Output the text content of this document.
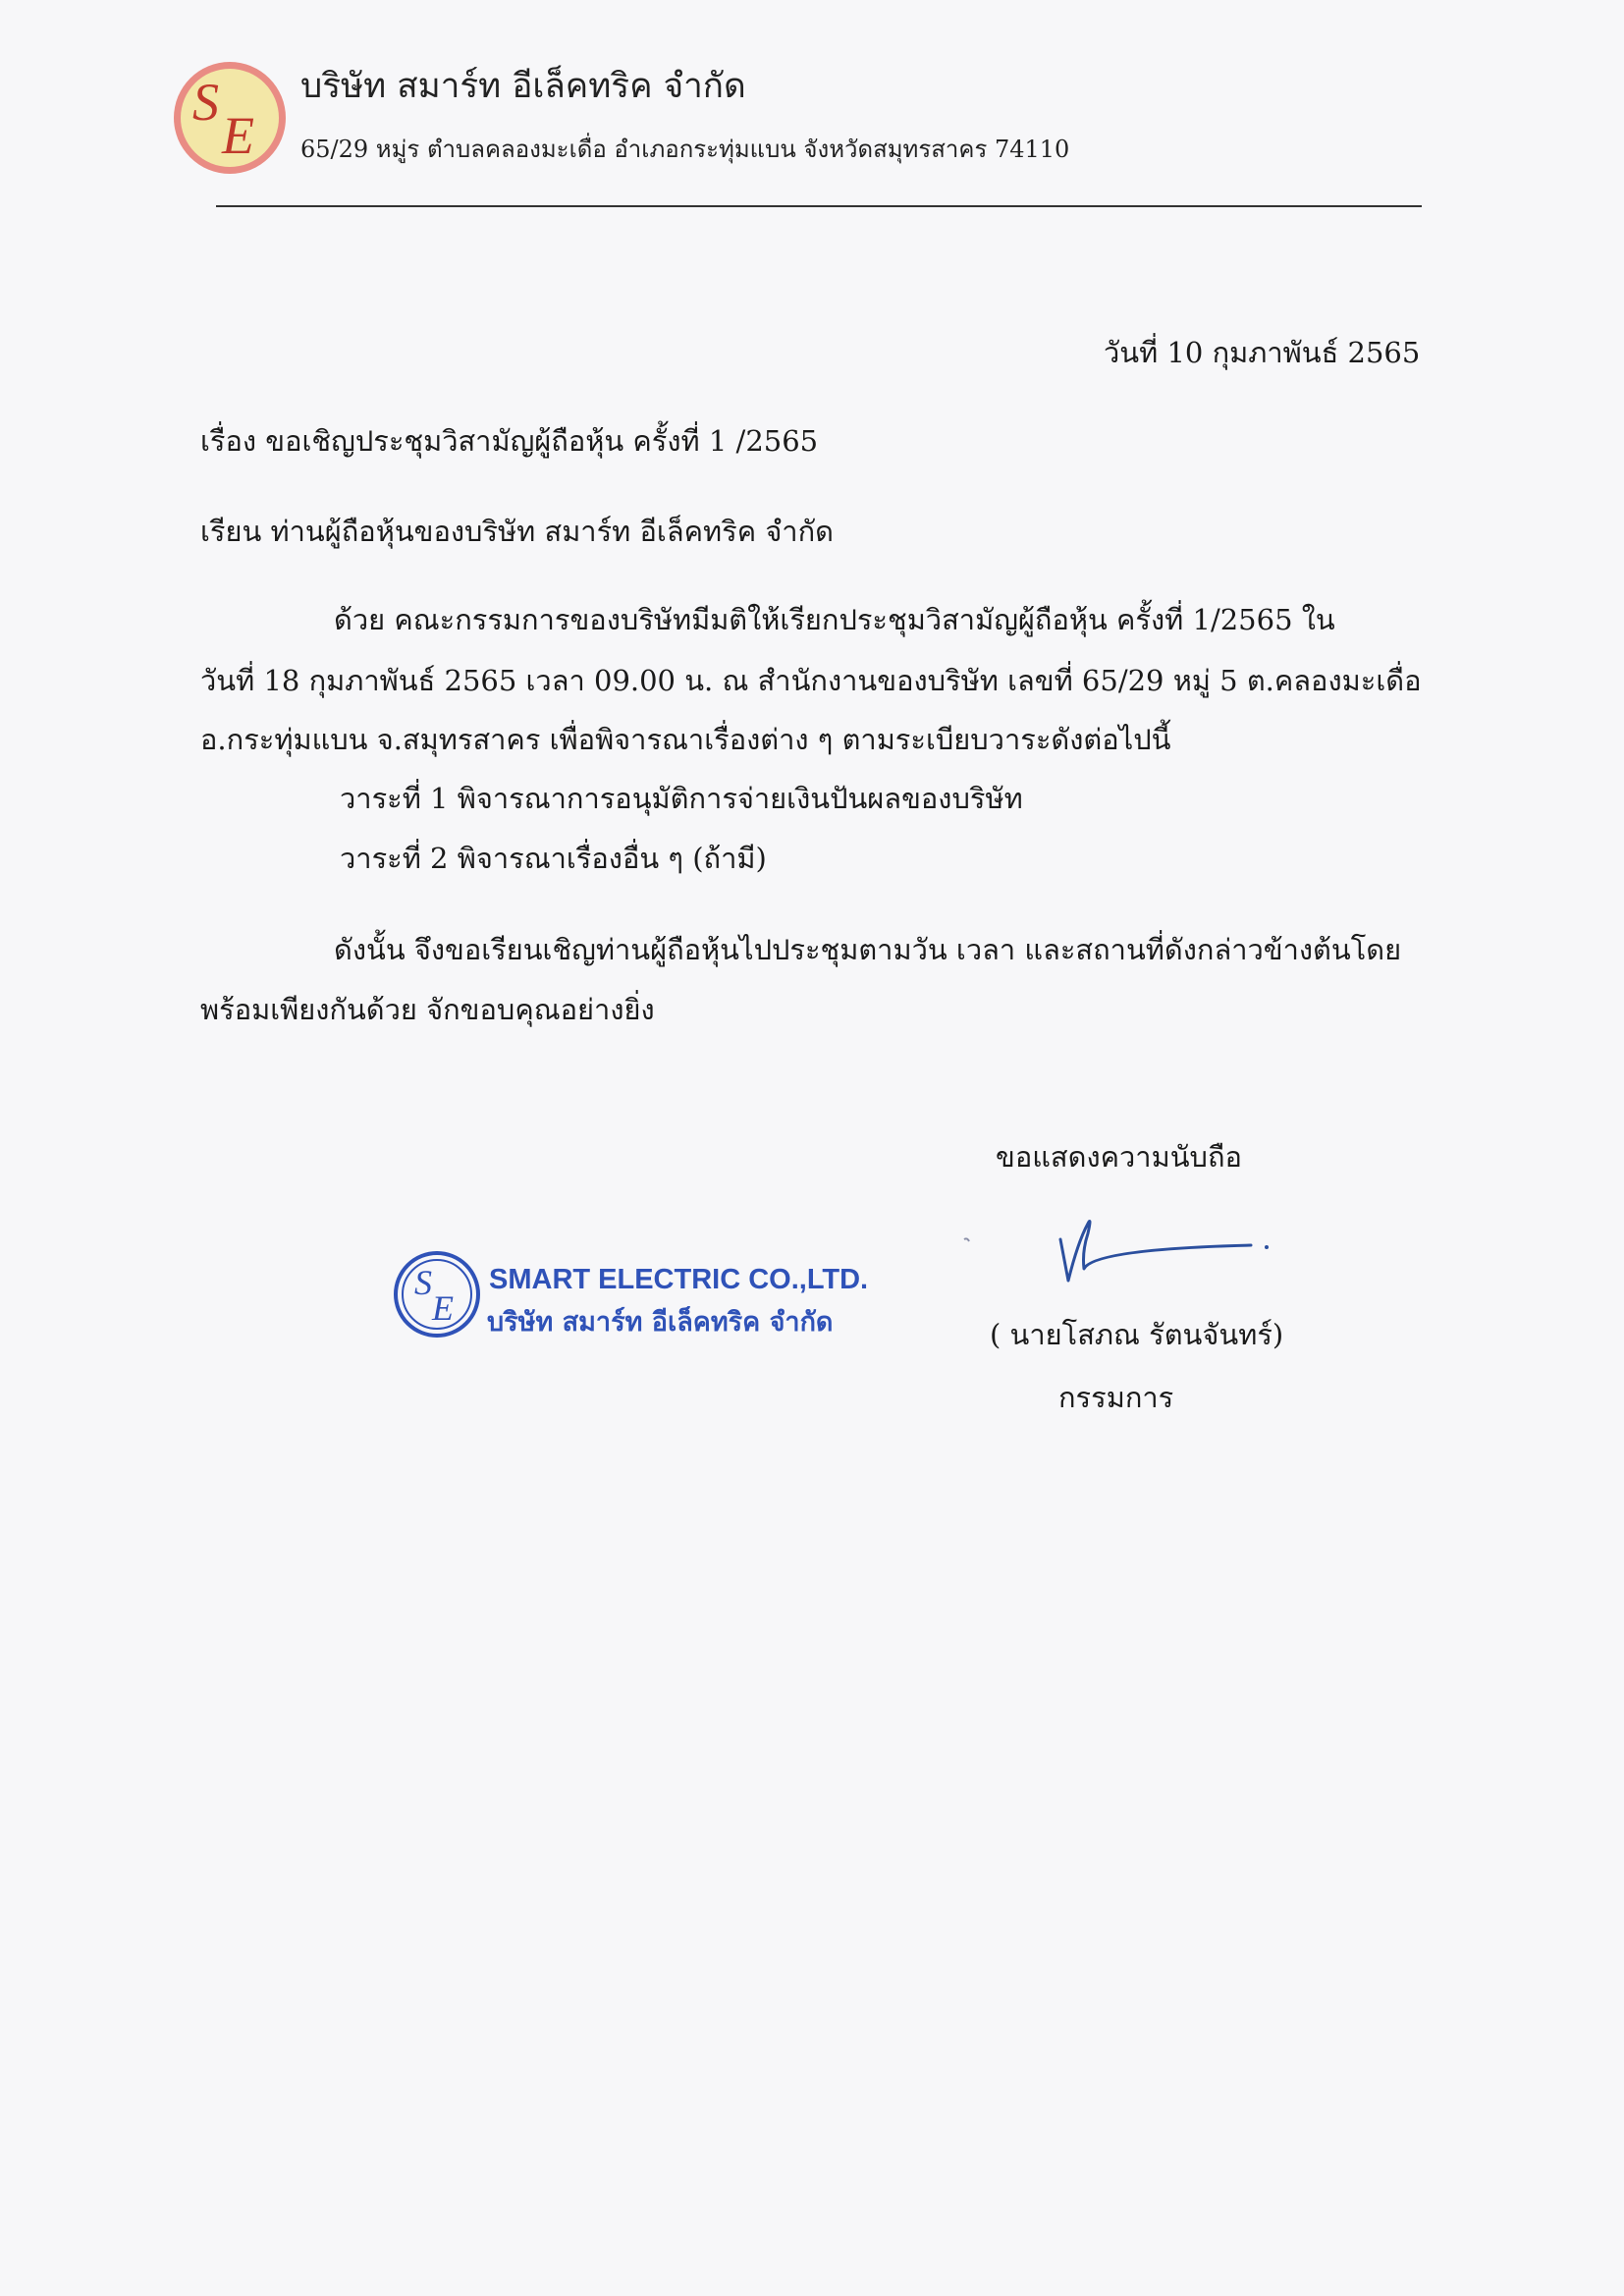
S
E
บริษัท สมาร์ท อีเล็คทริค จำกัด
65/29 หมู่ร ตำบลคลองมะเดื่อ อำเภอกระทุ่มแบน จังหวัดสมุทรสาคร 74110
วันที่ 10 กุมภาพันธ์ 2565
เรื่อง ขอเชิญประชุมวิสามัญผู้ถือหุ้น ครั้งที่ 1 /2565
เรียน ท่านผู้ถือหุ้นของบริษัท สมาร์ท อีเล็คทริค จำกัด
ด้วย คณะกรรมการของบริษัทมีมติให้เรียกประชุมวิสามัญผู้ถือหุ้น ครั้งที่ 1/2565 ใน
วันที่ 18 กุมภาพันธ์ 2565 เวลา 09.00 น. ณ สำนักงานของบริษัท เลขที่ 65/29 หมู่ 5 ต.คลองมะเดื่อ
อ.กระทุ่มแบน จ.สมุทรสาคร เพื่อพิจารณาเรื่องต่าง ๆ ตามระเบียบวาระดังต่อไปนี้
วาระที่ 1 พิจารณาการอนุมัติการจ่ายเงินปันผลของบริษัท
วาระที่ 2 พิจารณาเรื่องอื่น ๆ (ถ้ามี)
ดังนั้น จึงขอเรียนเชิญท่านผู้ถือหุ้นไปประชุมตามวัน เวลา และสถานที่ดังกล่าวข้างต้นโดย
พร้อมเพียงกันด้วย จักขอบคุณอย่างยิ่ง
ขอแสดงความนับถือ
( นายโสภณ รัตนจันทร์)
กรรมการ
S
E
SMART ELECTRIC CO.,LTD.
บริษัท สมาร์ท อีเล็คทริค จำกัด
